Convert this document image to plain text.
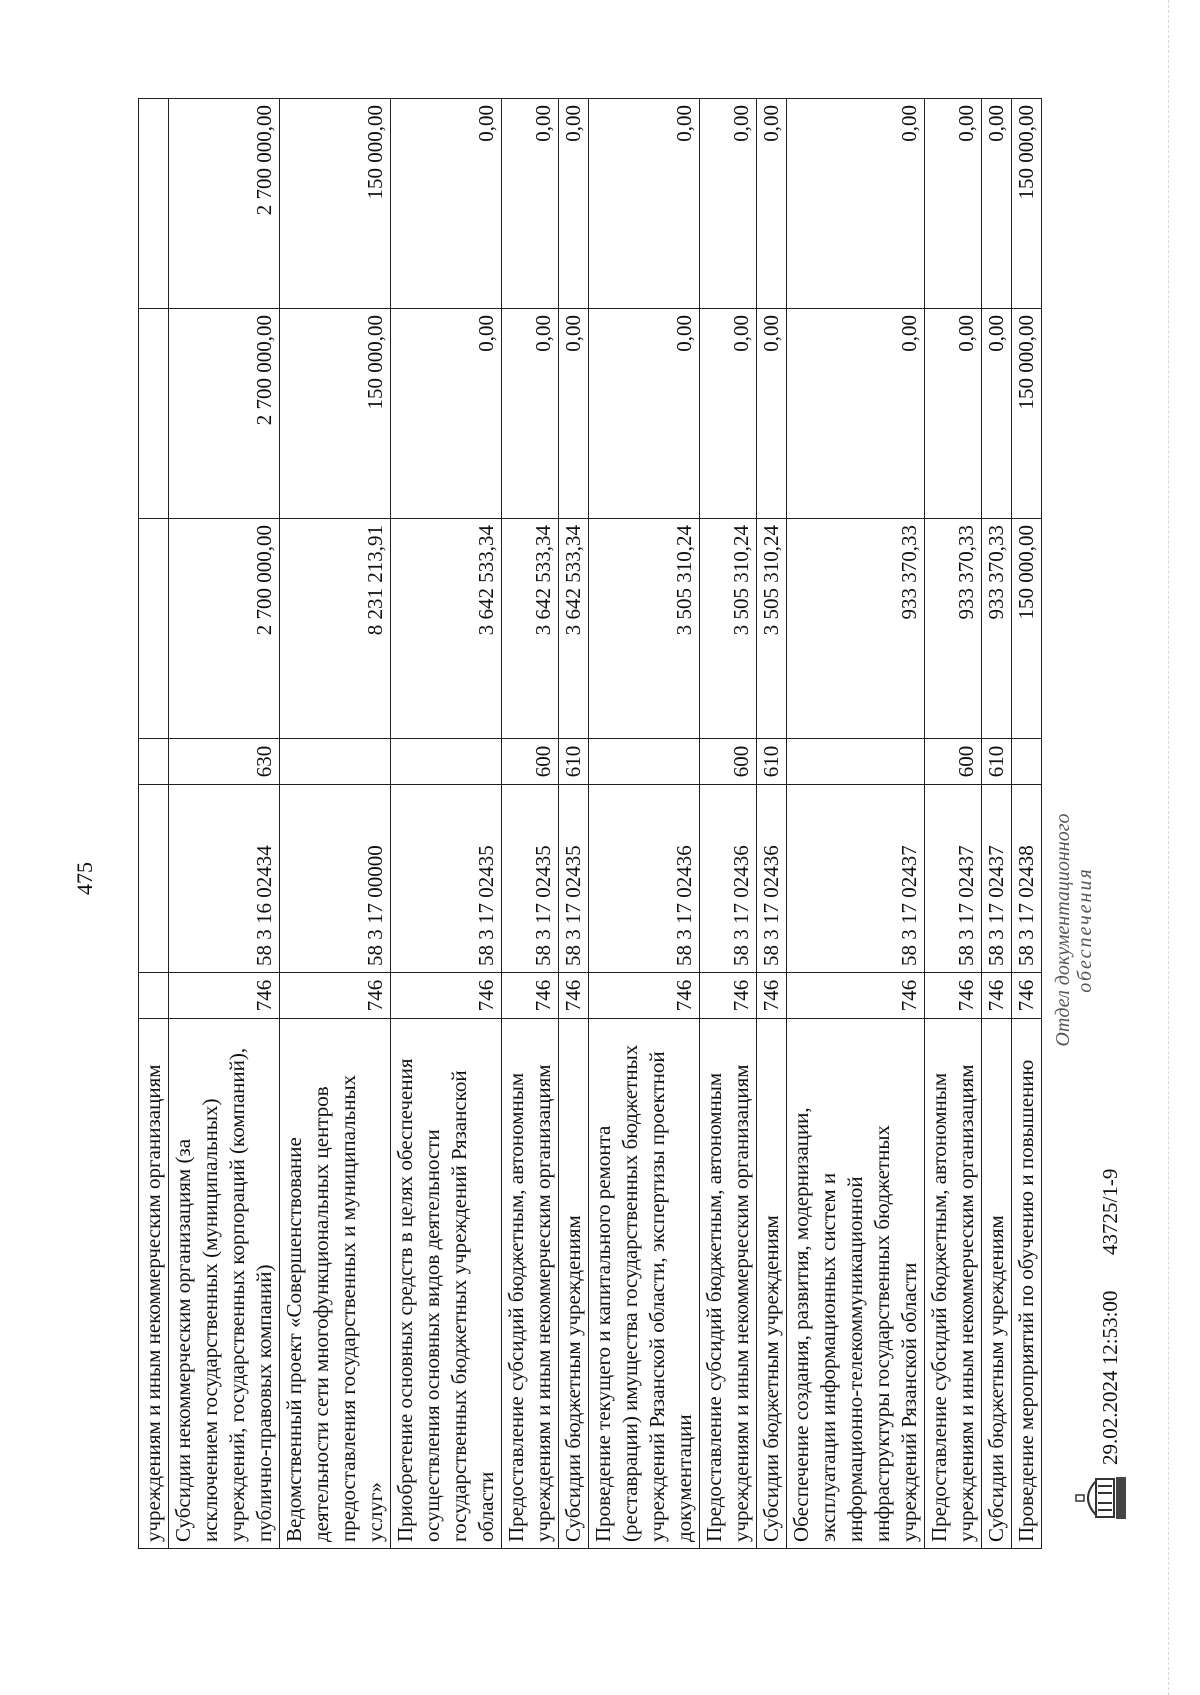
475
учреждениям и иным некоммерческим организациям						
Субсидии некоммерческим организациям (за исключением государственных (муниципальных) учреждений, государственных корпораций (компаний), публично-правовых компаний)	746	58 3 16 02434	630	2 700 000,00	2 700 000,00	2 700 000,00
Ведомственный проект «Совершенствование деятельности сети многофункциональных центров предоставления государственных и муниципальных услуг»	746	58 3 17 00000		8 231 213,91	150 000,00	150 000,00
Приобретение основных средств в целях обеспечения осуществления основных видов деятельности государственных бюджетных учреждений Рязанской области	746	58 3 17 02435		3 642 533,34	0,00	0,00
Предоставление субсидий бюджетным, автономным учреждениям и иным некоммерческим организациям	746	58 3 17 02435	600	3 642 533,34	0,00	0,00
Субсидии бюджетным учреждениям	746	58 3 17 02435	610	3 642 533,34	0,00	0,00
Проведение текущего и капитального ремонта (реставрации) имущества государственных бюджетных учреждений Рязанской области, экспертизы проектной документации	746	58 3 17 02436		3 505 310,24	0,00	0,00
Предоставление субсидий бюджетным, автономным учреждениям и иным некоммерческим организациям	746	58 3 17 02436	600	3 505 310,24	0,00	0,00
Субсидии бюджетным учреждениям	746	58 3 17 02436	610	3 505 310,24	0,00	0,00
Обеспечение создания, развития, модернизации, эксплуатации информационных систем и информационно-телекоммуникационной инфраструктуры государственных бюджетных учреждений Рязанской области	746	58 3 17 02437		933 370,33	0,00	0,00
Предоставление субсидий бюджетным, автономным учреждениям и иным некоммерческим организациям	746	58 3 17 02437	600	933 370,33	0,00	0,00
Субсидии бюджетным учреждениям	746	58 3 17 02437	610	933 370,33	0,00	0,00
Проведение мероприятий по обучению и повышению	746	58 3 17 02438		150 000,00	150 000,00	150 000,00
29.02.2024 12:53:00
43725/1-9
Отдел документационного обеспечения
